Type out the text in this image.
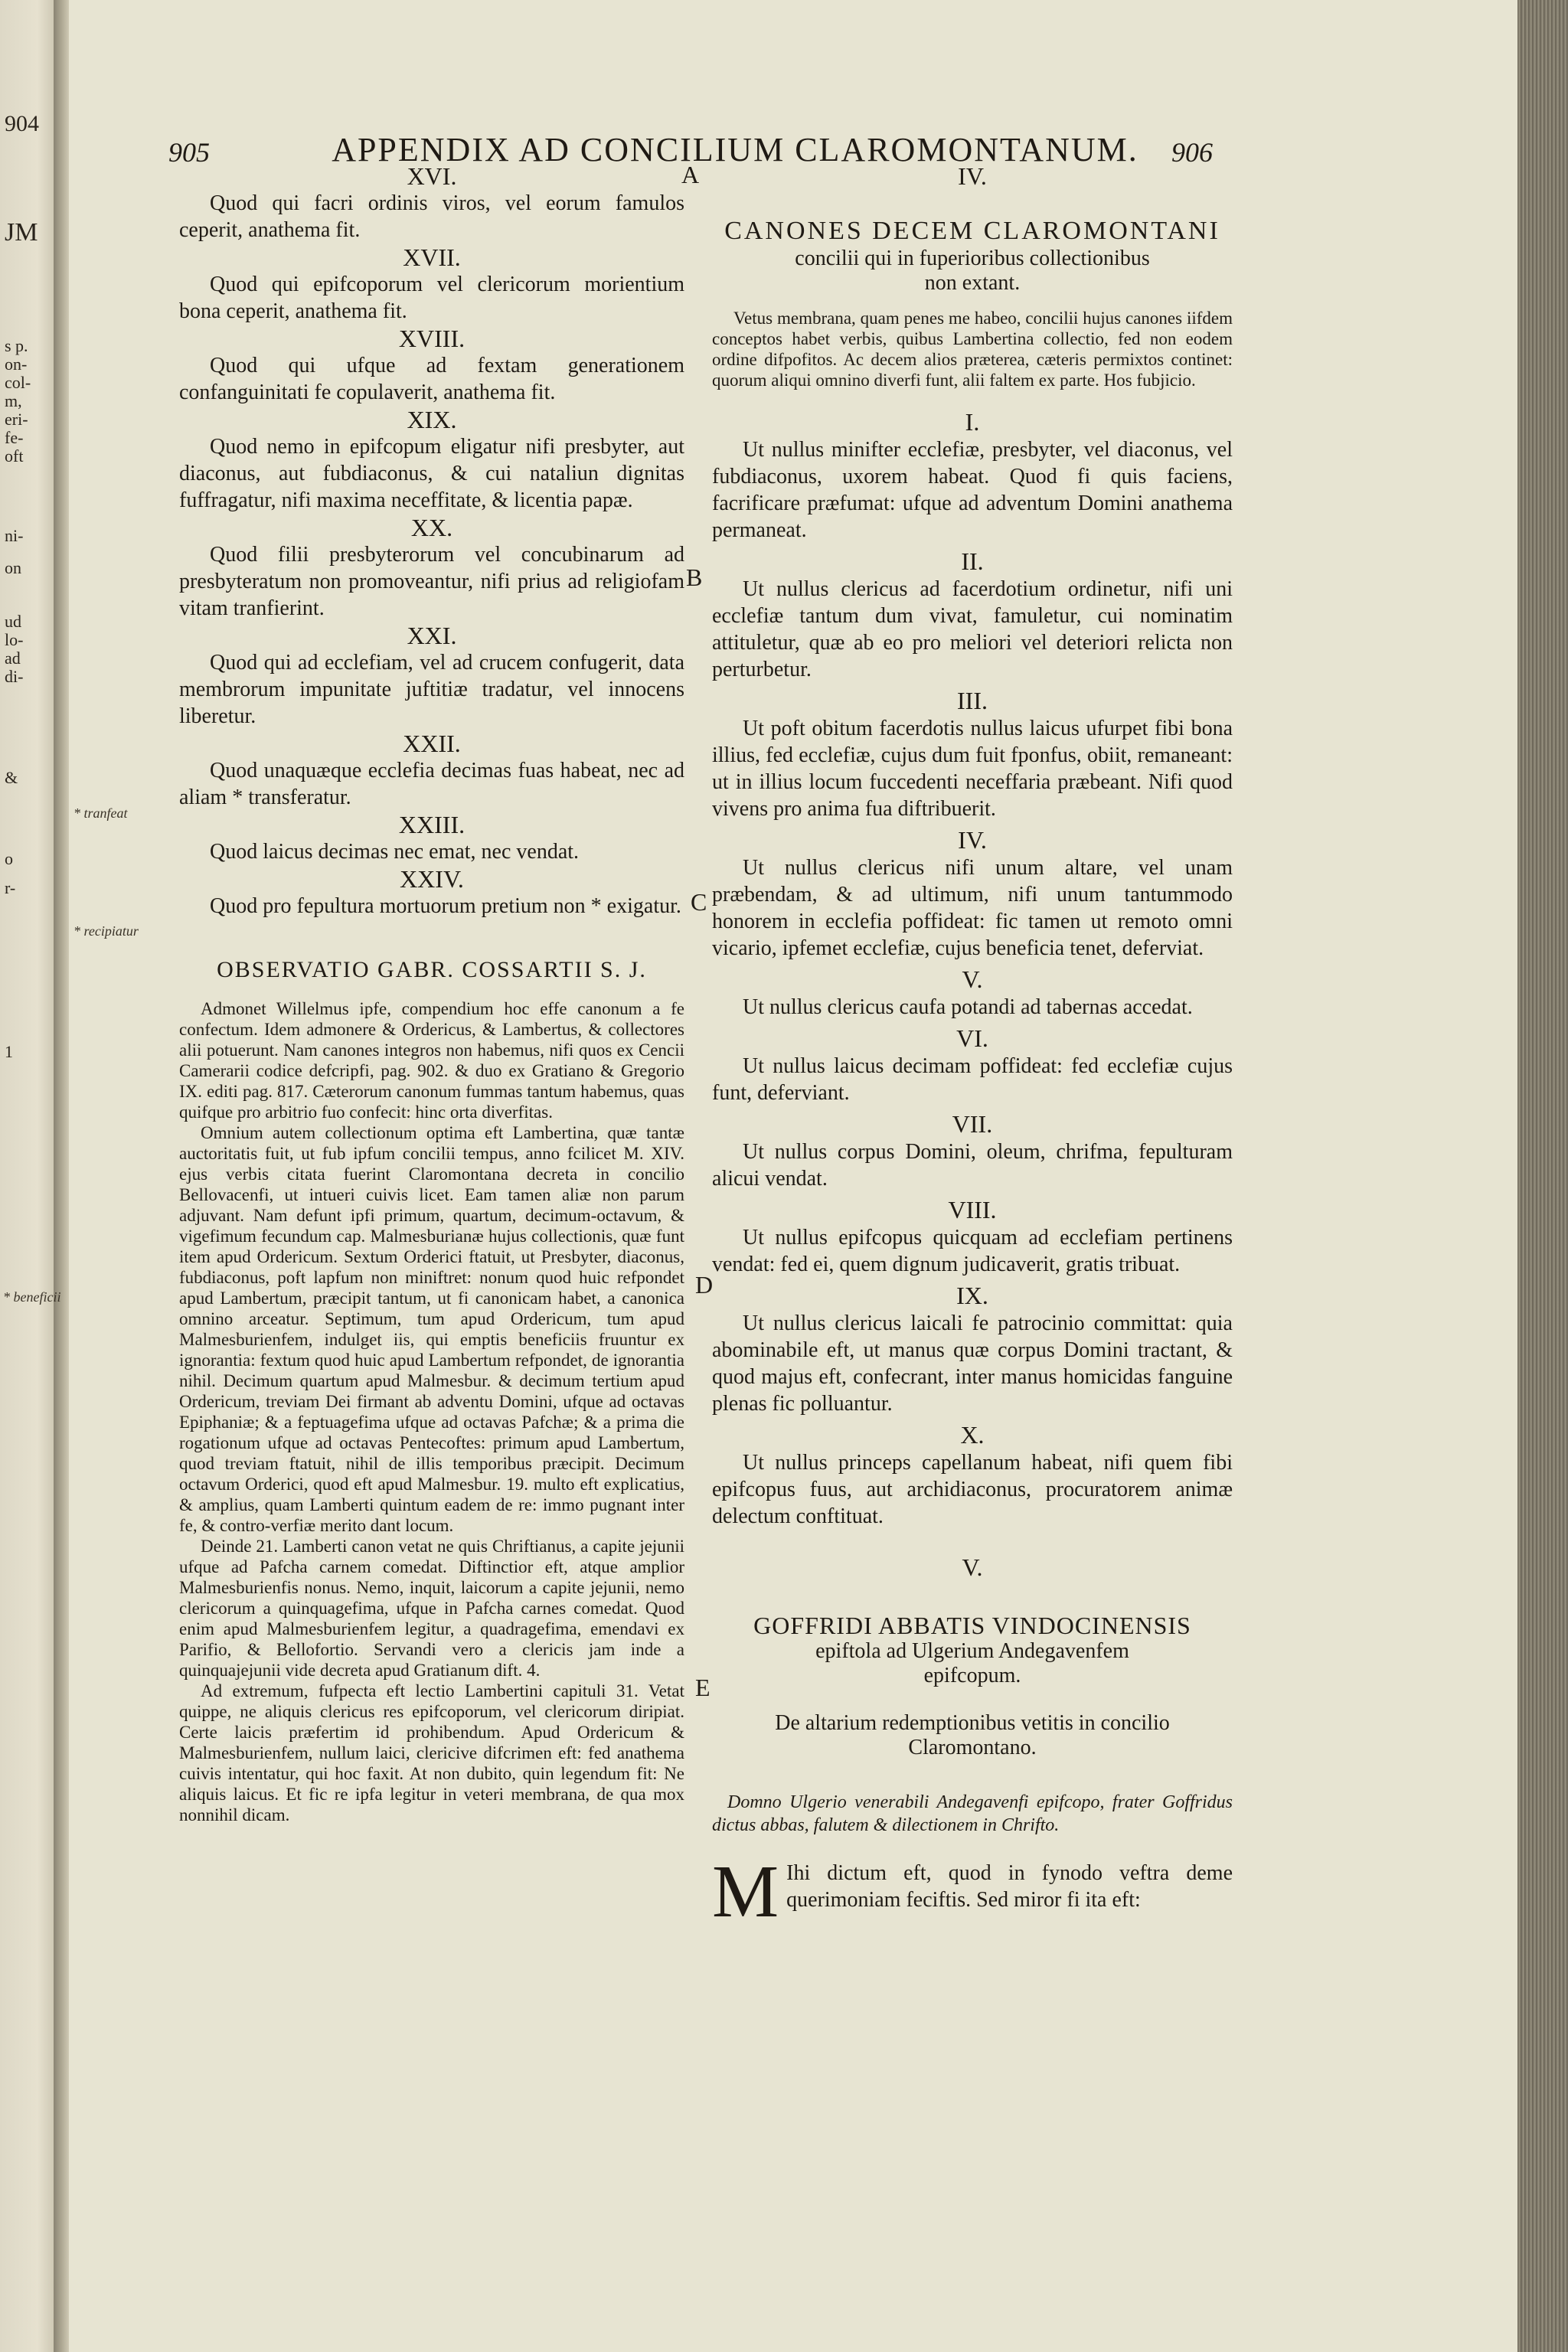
904
JM
s p.
on-
col-
m,
eri-
fe-
oft
ni-
on
ud
lo-
ad
di-
&
o
r-
1
905	APPENDIX AD CONCILIUM CLAROMONTANUM.	906
A
B
C
D
E
* tranfeat
* recipiatur
* beneficii
XVI.
Quod qui facri ordinis viros, vel eorum famulos ceperit, anathema fit.
XVII.
Quod qui epifcoporum vel clericorum morientium bona ceperit, anathema fit.
XVIII.
Quod qui ufque ad fextam generationem confanguinitati fe copulaverit, anathema fit.
XIX.
Quod nemo in epifcopum eligatur nifi presbyter, aut diaconus, aut fubdiaconus, & cui nataliun dignitas fuffragatur, nifi maxima neceffitate, & licentia papæ.
XX.
Quod filii presbyterorum vel concubinarum ad presbyteratum non promoveantur, nifi prius ad religiofam vitam tranfierint.
XXI.
Quod qui ad ecclefiam, vel ad crucem confugerit, data membrorum impunitate juftitiæ tradatur, vel innocens liberetur.
XXII.
Quod unaquæque ecclefia decimas fuas habeat, nec ad aliam * transferatur.
XXIII.
Quod laicus decimas nec emat, nec vendat.
XXIV.
Quod pro fepultura mortuorum pretium non * exigatur.
OBSERVATIO GABR. COSSARTII S. J.
Admonet Willelmus ipfe, compendium hoc effe canonum a fe confectum. Idem admonere & Ordericus, & Lambertus, & collectores alii potuerunt. Nam canones integros non habemus, nifi quos ex Cencii Camerarii codice defcripfi, pag. 902. & duo ex Gratiano & Gregorio IX. editi pag. 817. Cæterorum canonum fummas tantum habemus, quas quifque pro arbitrio fuo confecit: hinc orta diverfitas.
Omnium autem collectionum optima eft Lambertina, quæ tantæ auctoritatis fuit, ut fub ipfum concilii tempus, anno fcilicet M. XIV. ejus verbis citata fuerint Claromontana decreta in concilio Bellovacenfi, ut intueri cuivis licet. Eam tamen aliæ non parum adjuvant. Nam defunt ipfi primum, quartum, decimum-octavum, & vigefimum fecundum cap. Malmesburianæ hujus collectionis, quæ funt item apud Ordericum. Sextum Orderici ftatuit, ut Presbyter, diaconus, fubdiaconus, poft lapfum non miniftret: nonum quod huic refpondet apud Lambertum, præcipit tantum, ut fi canonicam habet, a canonica omnino arceatur. Septimum, tum apud Ordericum, tum apud Malmesburienfem, indulget iis, qui emptis beneficiis fruuntur ex ignorantia: fextum quod huic apud Lambertum refpondet, de ignorantia nihil. Decimum quartum apud Malmesbur. & decimum tertium apud Ordericum, treviam Dei firmant ab adventu Domini, ufque ad octavas Epiphaniæ; & a feptuagefima ufque ad octavas Pafchæ; & a prima die rogationum ufque ad octavas Pentecoftes: primum apud Lambertum, quod treviam ftatuit, nihil de illis temporibus præcipit. Decimum octavum Orderici, quod eft apud Malmesbur. 19. multo eft explicatius, & amplius, quam Lamberti quintum eadem de re: immo pugnant inter fe, & contro-verfiæ merito dant locum.
Deinde 21. Lamberti canon vetat ne quis Chriftianus, a capite jejunii ufque ad Pafcha carnem comedat. Diftinctior eft, atque amplior Malmesburienfis nonus. Nemo, inquit, laicorum a capite jejunii, nemo clericorum a quinquagefima, ufque in Pafcha carnes comedat. Quod enim apud Malmesburienfem legitur, a quadragefima, emendavi ex Parifio, & Bellofortio. Servandi vero a clericis jam inde a quinquajejunii vide decreta apud Gratianum dift. 4.
Ad extremum, fufpecta eft lectio Lambertini capituli 31. Vetat quippe, ne aliquis clericus res epifcoporum, vel clericorum diripiat. Certe laicis præfertim id prohibendum. Apud Ordericum & Malmesburienfem, nullum laici, clericive difcrimen eft: fed anathema cuivis intentatur, qui hoc faxit. At non dubito, quin legendum fit: Ne aliquis laicus. Et fic re ipfa legitur in veteri membrana, de qua mox nonnihil dicam.
IV.
CANONES DECEM CLAROMONTANI
concilii qui in fuperioribus collectionibus
non extant.
Vetus membrana, quam penes me habeo, concilii hujus canones iifdem conceptos habet verbis, quibus Lambertina collectio, fed non eodem ordine difpofitos. Ac decem alios præterea, cæteris permixtos continet: quorum aliqui omnino diverfi funt, alii faltem ex parte. Hos fubjicio.
I.
Ut nullus minifter ecclefiæ, presbyter, vel diaconus, vel fubdiaconus, uxorem habeat. Quod fi quis faciens, facrificare præfumat: ufque ad adventum Domini anathema permaneat.
II.
Ut nullus clericus ad facerdotium ordinetur, nifi uni ecclefiæ tantum dum vivat, famuletur, cui nominatim attituletur, quæ ab eo pro meliori vel deteriori relicta non perturbetur.
III.
Ut poft obitum facerdotis nullus laicus ufurpet fibi bona illius, fed ecclefiæ, cujus dum fuit fponfus, obiit, remaneant: ut in illius locum fuccedenti neceffaria præbeant. Nifi quod vivens pro anima fua diftribuerit.
IV.
Ut nullus clericus nifi unum altare, vel unam præbendam, & ad ultimum, nifi unum tantummodo honorem in ecclefia poffideat: fic tamen ut remoto omni vicario, ipfemet ecclefiæ, cujus beneficia tenet, deferviat.
V.
Ut nullus clericus caufa potandi ad tabernas accedat.
VI.
Ut nullus laicus decimam poffideat: fed ecclefiæ cujus funt, deferviant.
VII.
Ut nullus corpus Domini, oleum, chrifma, fepulturam alicui vendat.
VIII.
Ut nullus epifcopus quicquam ad ecclefiam pertinens vendat: fed ei, quem dignum judicaverit, gratis tribuat.
IX.
Ut nullus clericus laicali fe patrocinio committat: quia abominabile eft, ut manus quæ corpus Domini tractant, & quod majus eft, confecrant, inter manus homicidas fanguine plenas fic polluantur.
X.
Ut nullus princeps capellanum habeat, nifi quem fibi epifcopus fuus, aut archidiaconus, procuratorem animæ delectum conftituat.
V.
GOFFRIDI ABBATIS VINDOCINENSIS
epiftola ad Ulgerium Andegavenfem
epifcopum.
De altarium redemptionibus vetitis in concilio Claromontano.
Domno Ulgerio venerabili Andegavenfi epifcopo, frater Goffridus dictus abbas, falutem & dilectionem in Chrifto.
M Ihi dictum eft, quod in fynodo veftra deme querimoniam feciftis. Sed miror fi ita eft:
